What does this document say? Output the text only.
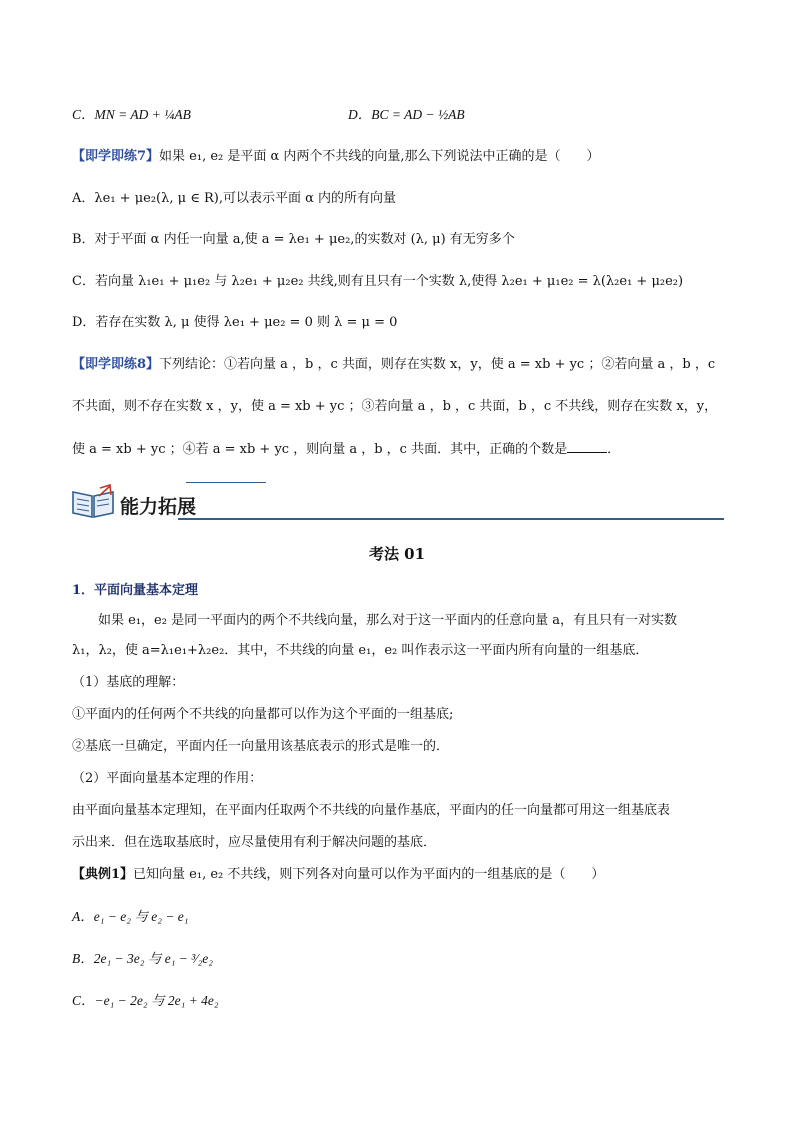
C．MN = AD + ¼AB	D．BC = AD − ½AB
【即学即练7】如果 e₁, e₂ 是平面 α 内两个不共线的向量,那么下列说法中正确的是（　　）
A．λe₁ + μe₂(λ, μ ∈ R),可以表示平面 α 内的所有向量
B．对于平面 α 内任一向量 a,使 a = λe₁ + μe₂,的实数对 (λ, μ) 有无穷多个
C．若向量 λ₁e₁ + μ₁e₂ 与 λ₂e₁ + μ₂e₂ 共线,则有且只有一个实数 λ,使得 λ₂e₁ + μ₁e₂ = λ(λ₂e₁ + μ₂e₂)
D．若存在实数 λ, μ 使得 λe₁ + μe₂ = 0 则 λ = μ = 0
【即学即练8】下列结论：①若向量 a ，b ，c 共面，则存在实数 x，y，使 a = xb + yc ；②若向量 a ，b ，c
不共面，则不存在实数 x ，y，使 a = xb + yc ；③若向量 a ，b ，c 共面，b ，c 不共线，则存在实数 x，y，
使 a = xb + yc ；④若 a = xb + yc ，则向量 a ，b ，c 共面．其中，正确的个数是	．
能力拓展
考法 01
1．平面向量基本定理
如果 e₁，e₂ 是同一平面内的两个不共线向量，那么对于这一平面内的任意向量 a，有且只有一对实数
λ₁，λ₂，使 a=λ₁e₁+λ₂e₂．其中，不共线的向量 e₁，e₂ 叫作表示这一平面内所有向量的一组基底．
（1）基底的理解：
①平面内的任何两个不共线的向量都可以作为这个平面的一组基底;
②基底一旦确定，平面内任一向量用该基底表示的形式是唯一的．
（2）平面向量基本定理的作用：
由平面向量基本定理知，在平面内任取两个不共线的向量作基底，平面内的任一向量都可用这一组基底表
示出来．但在选取基底时，应尽量使用有利于解决问题的基底．
【典例1】已知向量 e₁, e₂ 不共线，则下列各对向量可以作为平面内的一组基底的是（　　）
A．e₁ − e₂ 与 e₂ − e₁
B．2e₁ − 3e₂ 与 e₁ − ³⁄₂e₂
C．−e₁ − 2e₂ 与 2e₁ + 4e₂
